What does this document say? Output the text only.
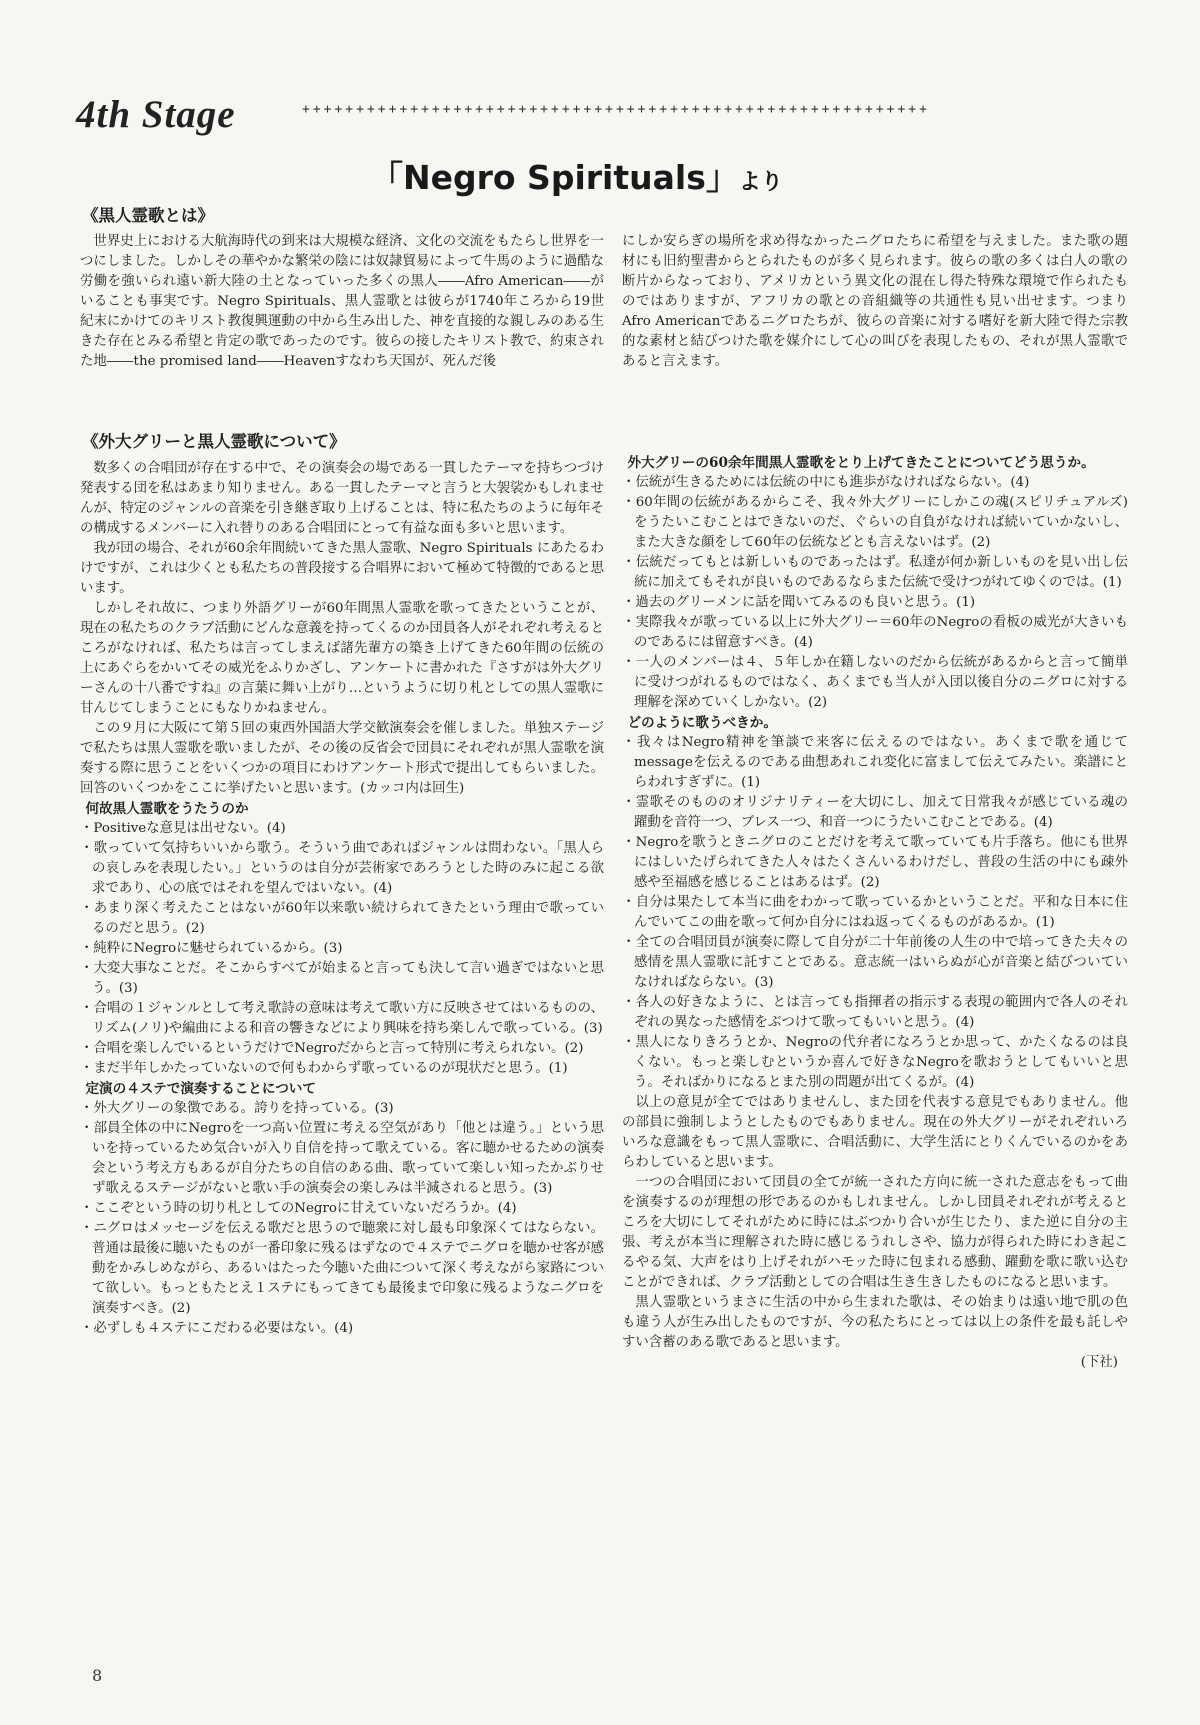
4th Stage	++++++++++++++++++++++++++++++++++++++++++++++++++++++++++
「Negro Spirituals」より
《黒人霊歌とは》

世界史上における大航海時代の到来は大規模な経済、文化の交流をもたらし世界を一つにしました。しかしその華やかな繁栄の陰には奴隷貿易によって牛馬のように過酷な労働を強いられ遠い新大陸の土となっていった多くの黒人――Afro American――がいることも事実です。Negro Spirituals、黒人霊歌とは彼らが1740年ころから19世紀末にかけてのキリスト教復興運動の中から生み出した、神を直接的な親しみのある生きた存在とみる希望と肯定の歌であったのです。彼らの接したキリスト教で、約束された地――the promised land――Heavenすなわち天国が、死んだ後

にしか安らぎの場所を求め得なかったニグロたちに希望を与えました。また歌の題材にも旧約聖書からとられたものが多く見られます。彼らの歌の多くは白人の歌の断片からなっており、アメリカという異文化の混在し得た特殊な環境で作られたものではありますが、アフリカの歌との音組織等の共通性も見い出せます。つまりAfro Americanであるニグロたちが、彼らの音楽に対する嗜好を新大陸で得た宗教的な素材と結びつけた歌を媒介にして心の叫びを表現したもの、それが黒人霊歌であると言えます。

《外大グリーと黒人霊歌について》

数多くの合唱団が存在する中で、その演奏会の場である一貫したテーマを持ちつづけ発表する団を私はあまり知りません。ある一貫したテーマと言うと大袈裟かもしれませんが、特定のジャンルの音楽を引き継ぎ取り上げることは、特に私たちのように毎年その構成するメンバーに入れ替りのある合唱団にとって有益な面も多いと思います。

我が団の場合、それが60余年間続いてきた黒人霊歌、Negro Spirituals にあたるわけですが、これは少くとも私たちの普段接する合唱界において極めて特徴的であると思います。

しかしそれ故に、つまり外語グリーが60年間黒人霊歌を歌ってきたということが、現在の私たちのクラブ活動にどんな意義を持ってくるのか団員各人がそれぞれ考えるところがなければ、私たちは言ってしまえば諸先輩方の築き上げてきた60年間の伝統の上にあぐらをかいてその威光をふりかざし、アンケートに書かれた『さすがは外大グリーさんの十八番ですね』の言葉に舞い上がり…というように切り札としての黒人霊歌に甘んじてしまうことにもなりかねません。

この９月に大阪にて第５回の東西外国語大学交歓演奏会を催しました。単独ステージで私たちは黒人霊歌を歌いましたが、その後の反省会で団員にそれぞれが黒人霊歌を演奏する際に思うことをいくつかの項目にわけアンケート形式で提出してもらいました。回答のいくつかをここに挙げたいと思います。(カッコ内は回生)

何故黒人霊歌をうたうのか
・ Positiveな意見は出せない。(4)
・ 歌っていて気持ちいいから歌う。そういう曲であればジャンルは問わない。「黒人らの哀しみを表現したい。」というのは自分が芸術家であろうとした時のみに起こる欲求であり、心の底ではそれを望んではいない。(4)
・ あまり深く考えたことはないが60年以来歌い続けられてきたという理由で歌っているのだと思う。(2)
・ 純粋にNegroに魅せられているから。(3)
・ 大変大事なことだ。そこからすべてが始まると言っても決して言い過ぎではないと思う。(3)
・ 合唱の１ジャンルとして考え歌詩の意味は考えて歌い方に反映させてはいるものの、リズム(ノリ)や編曲による和音の響きなどにより興味を持ち楽しんで歌っている。(3)
・ 合唱を楽しんでいるというだけでNegroだからと言って特別に考えられない。(2)
・ まだ半年しかたっていないので何もわからず歌っているのが現状だと思う。(1)
定演の４ステで演奏することについて
・ 外大グリーの象徴である。誇りを持っている。(3)
・ 部員全体の中にNegroを一つ高い位置に考える空気があり「他とは違う。」という思いを持っているため気合いが入り自信を持って歌えている。客に聴かせるための演奏会という考え方もあるが自分たちの自信のある曲、歌っていて楽しい知ったかぶりせず歌えるステージがないと歌い手の演奏会の楽しみは半減されると思う。(3)
・ ここぞという時の切り札としてのNegroに甘えていないだろうか。(4)
・ ニグロはメッセージを伝える歌だと思うので聴衆に対し最も印象深くてはならない。普通は最後に聴いたものが一番印象に残るはずなので４ステでニグロを聴かせ客が感動をかみしめながら、あるいはたった今聴いた曲について深く考えながら家路について欲しい。もっともたとえ１ステにもってきても最後まで印象に残るようなニグロを演奏すべき。(2)
・ 必ずしも４ステにこだわる必要はない。(4)
外大グリーの60余年間黒人霊歌をとり上げてきたことについてどう思うか。
・ 伝統が生きるためには伝統の中にも進歩がなければならない。(4)
・ 60年間の伝統があるからこそ、我々外大グリーにしかこの魂(スピリチュアルズ)をうたいこむことはできないのだ、ぐらいの自負がなければ続いていかないし、また大きな顔をして60年の伝統などとも言えないはず。(2)
・ 伝統だってもとは新しいものであったはず。私達が何か新しいものを見い出し伝統に加えてもそれが良いものであるならまた伝統で受けつがれてゆくのでは。(1)
・ 過去のグリーメンに話を聞いてみるのも良いと思う。(1)
・ 実際我々が歌っている以上に外大グリー＝60年のNegroの看板の威光が大きいものであるには留意すべき。(4)
・ 一人のメンバーは４、５年しか在籍しないのだから伝統があるからと言って簡単に受けつがれるものではなく、あくまでも当人が入団以後自分のニグロに対する理解を深めていくしかない。(2)
どのように歌うべきか。
・ 我々はNegro精神を筆談で来客に伝えるのではない。あくまで歌を通じてmessageを伝えるのである曲想あれこれ変化に富まして伝えてみたい。楽譜にとらわれすぎずに。(1)
・ 霊歌そのもののオリジナリティーを大切にし、加えて日常我々が感じている魂の躍動を音符一つ、ブレス一つ、和音一つにうたいこむことである。(4)
・ Negroを歌うときニグロのことだけを考えて歌っていても片手落ち。他にも世界にはしいたげられてきた人々はたくさんいるわけだし、普段の生活の中にも疎外感や至福感を感じることはあるはず。(2)
・ 自分は果たして本当に曲をわかって歌っているかということだ。平和な日本に住んでいてこの曲を歌って何か自分にはね返ってくるものがあるか。(1)
・ 全ての合唱団員が演奏に際して自分が二十年前後の人生の中で培ってきた夫々の感情を黒人霊歌に託すことである。意志統一はいらぬが心が音楽と結びついていなければならない。(3)
・ 各人の好きなように、とは言っても指揮者の指示する表現の範囲内で各人のそれぞれの異なった感情をぶつけて歌ってもいいと思う。(4)
・ 黒人になりきろうとか、Negroの代弁者になろうとか思って、かたくなるのは良くない。もっと楽しむというか喜んで好きなNegroを歌おうとしてもいいと思う。そればかりになるとまた別の問題が出てくるが。(4)

以上の意見が全てではありませんし、また団を代表する意見でもありません。他の部員に強制しようとしたものでもありません。現在の外大グリーがそれぞれいろいろな意識をもって黒人霊歌に、合唱活動に、大学生活にとりくんでいるのかをあらわしていると思います。

一つの合唱団において団員の全てが統一された方向に統一された意志をもって曲を演奏するのが理想の形であるのかもしれません。しかし団員それぞれが考えるところを大切にしてそれがために時にはぶつかり合いが生じたり、また逆に自分の主張、考えが本当に理解された時に感じるうれしさや、協力が得られた時にわき起こるやる気、大声をはり上げそれがハモッた時に包まれる感動、躍動を歌に歌い込むことができれば、クラブ活動としての合唱は生き生きしたものになると思います。

黒人霊歌というまさに生活の中から生まれた歌は、その始まりは遠い地で肌の色も違う人が生み出したものですが、今の私たちにとっては以上の条件を最も託しやすい含蓄のある歌であると思います。

(下社)
8
